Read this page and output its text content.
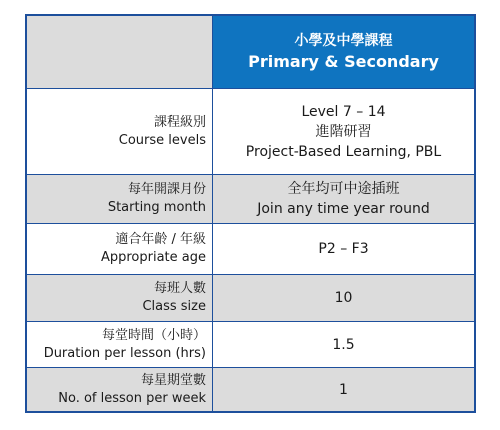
小學及中學課程
Primary & Secondary
課程級別
Course levels
Level 7 – 14
進階研習
Project-Based Learning, PBL
每年開課月份
Starting month
全年均可中途插班
Join any time year round
適合年齡 / 年級
Appropriate age
P2 – F3
每班人數
Class size
10
每堂時間（小時）
Duration per lesson (hrs)
1.5
每星期堂數
No. of lesson per week
1
